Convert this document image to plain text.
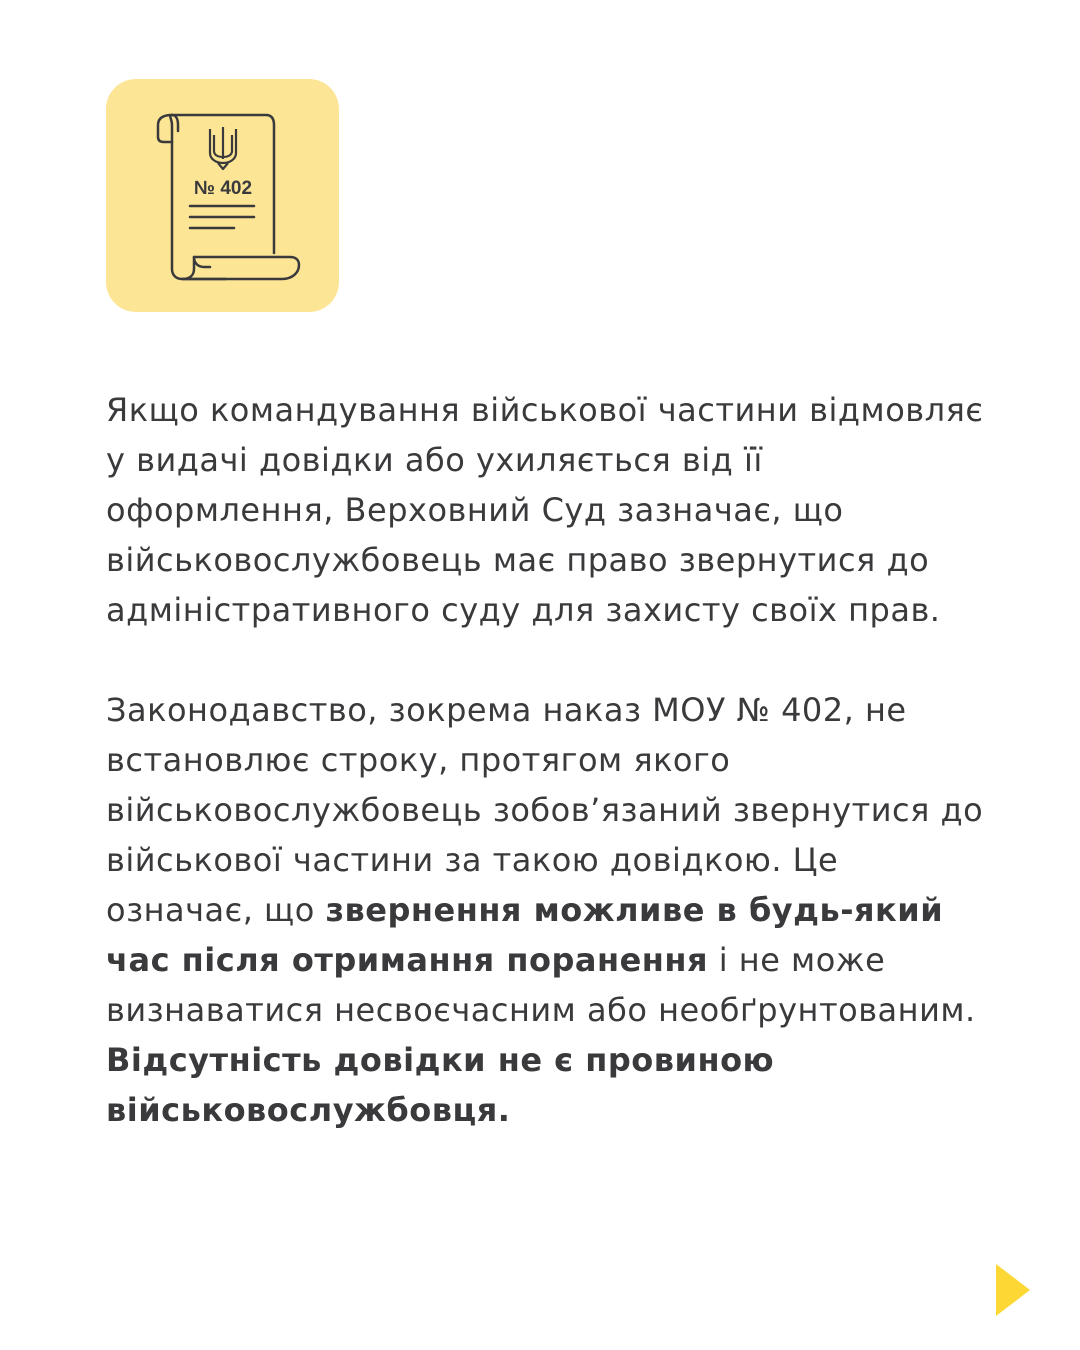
№ 402

Якщо командування військової частини відмовляє у видачі довідки або ухиляється від її оформлення, Верховний Суд зазначає, що військовослужбовець має право звернутися до адміністративного суду для захисту своїх прав.

Законодавство, зокрема наказ МОУ № 402, не встановлює строку, протягом якого військовослужбовець зобов’язаний звернутися до військової частини за такою довідкою. Це означає, що звернення можливе в будь-який час після отримання поранення і не може визнаватися несвоєчасним або необґрунтованим. Відсутність довідки не є провиною військовослужбовця.
